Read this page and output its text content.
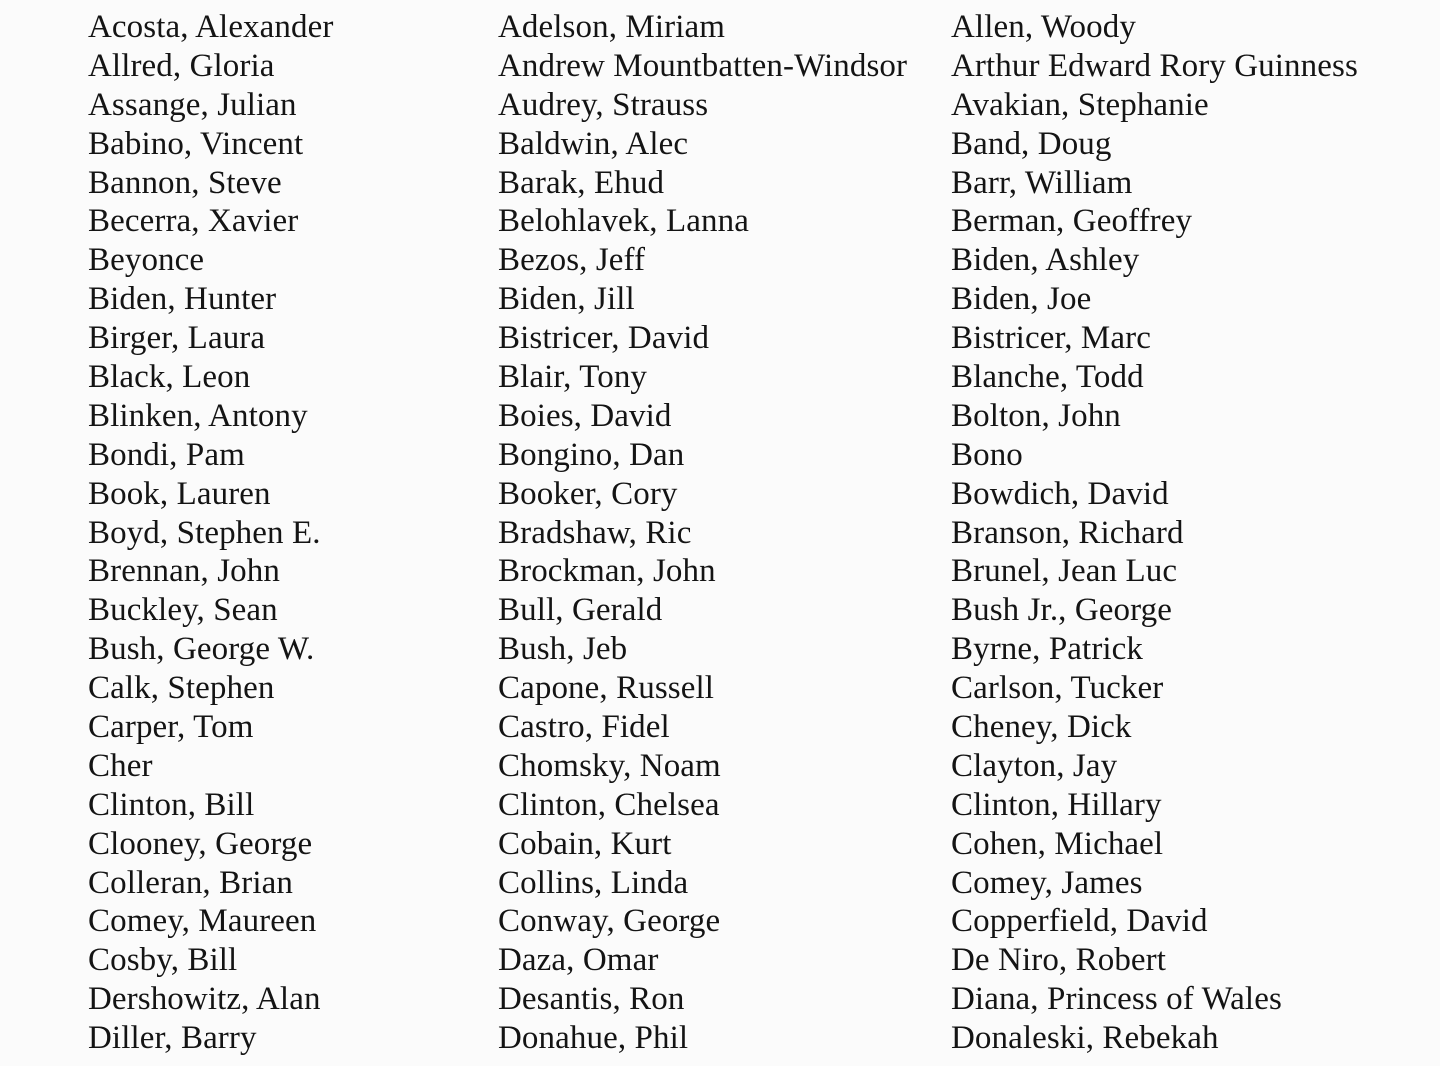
Acosta, Alexander
Allred, Gloria
Assange, Julian
Babino, Vincent
Bannon, Steve
Becerra, Xavier
Beyonce
Biden, Hunter
Birger, Laura
Black, Leon
Blinken, Antony
Bondi, Pam
Book, Lauren
Boyd, Stephen E.
Brennan, John
Buckley, Sean
Bush, George W.
Calk, Stephen
Carper, Tom
Cher
Clinton, Bill
Clooney, George
Colleran, Brian
Comey, Maureen
Cosby, Bill
Dershowitz, Alan
Diller, Barry
Adelson, Miriam
Andrew Mountbatten-Windsor
Audrey, Strauss
Baldwin, Alec
Barak, Ehud
Belohlavek, Lanna
Bezos, Jeff
Biden, Jill
Bistricer, David
Blair, Tony
Boies, David
Bongino, Dan
Booker, Cory
Bradshaw, Ric
Brockman, John
Bull, Gerald
Bush, Jeb
Capone, Russell
Castro, Fidel
Chomsky, Noam
Clinton, Chelsea
Cobain, Kurt
Collins, Linda
Conway, George
Daza, Omar
Desantis, Ron
Donahue, Phil
Allen, Woody
Arthur Edward Rory Guinness
Avakian, Stephanie
Band, Doug
Barr, William
Berman, Geoffrey
Biden, Ashley
Biden, Joe
Bistricer, Marc
Blanche, Todd
Bolton, John
Bono
Bowdich, David
Branson, Richard
Brunel, Jean Luc
Bush Jr., George
Byrne, Patrick
Carlson, Tucker
Cheney, Dick
Clayton, Jay
Clinton, Hillary
Cohen, Michael
Comey, James
Copperfield, David
De Niro, Robert
Diana, Princess of Wales
Donaleski, Rebekah
